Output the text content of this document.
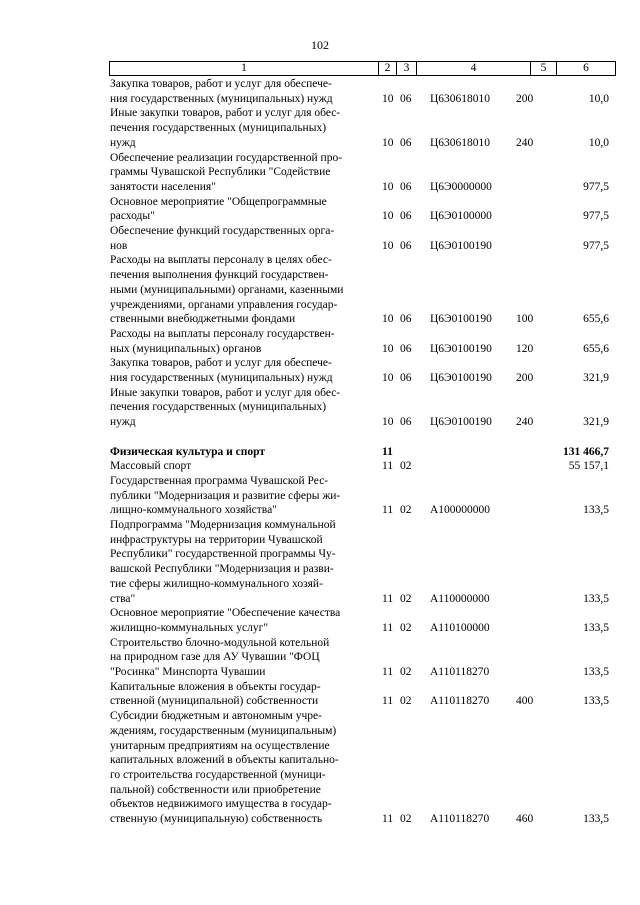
102
1	2	3	4	5	6
Закупка товаров, работ и услуг для обеспече-
ния государственных (муниципальных) нужд	10 06 Ц630618010 200	10,0
Иные закупки товаров, работ и услуг для обес-
печения государственных (муниципальных)
нужд	10 06 Ц630618010 240	10,0
Обеспечение реализации государственной про-
граммы Чувашской Республики "Содействие
занятости населения"	10 06 Ц6Э0000000	977,5
Основное мероприятие "Общепрограммные
расходы"	10 06 Ц6Э0100000	977,5
Обеспечение функций государственных орга-
нов	10 06 Ц6Э0100190	977,5
Расходы на выплаты персоналу в целях обес-
печения выполнения функций государствен-
ными (муниципальными) органами, казенными
учреждениями, органами управления государ-
ственными внебюджетными фондами	10 06 Ц6Э0100190 100	655,6
Расходы на выплаты персоналу государствен-
ных (муниципальных) органов	10 06 Ц6Э0100190 120	655,6
Закупка товаров, работ и услуг для обеспече-
ния государственных (муниципальных) нужд	10 06 Ц6Э0100190 200	321,9
Иные закупки товаров, работ и услуг для обес-
печения государственных (муниципальных)
нужд	10 06 Ц6Э0100190 240	321,9
Физическая культура и спорт	11	131 466,7
Массовый спорт	11 02	55 157,1
Государственная программа Чувашской Рес-
публики "Модернизация и развитие сферы жи-
лищно-коммунального хозяйства"	11 02 А100000000	133,5
Подпрограмма "Модернизация коммунальной
инфраструктуры на территории Чувашской
Республики" государственной программы Чу-
вашской Республики "Модернизация и разви-
тие сферы жилищно-коммунального хозяй-
ства"	11 02 А110000000	133,5
Основное мероприятие "Обеспечение качества
жилищно-коммунальных услуг"	11 02 А110100000	133,5
Строительство блочно-модульной котельной
на природном газе для АУ Чувашии "ФОЦ
"Росинка" Минспорта Чувашии	11 02 А110118270	133,5
Капитальные вложения в объекты государ-
ственной (муниципальной) собственности	11 02 А110118270 400	133,5
Субсидии бюджетным и автономным учре-
ждениям, государственным (муниципальным)
унитарным предприятиям на осуществление
капитальных вложений в объекты капитально-
го строительства государственной (муници-
пальной) собственности или приобретение
объектов недвижимого имущества в государ-
ственную (муниципальную) собственность	11 02 А110118270 460	133,5
